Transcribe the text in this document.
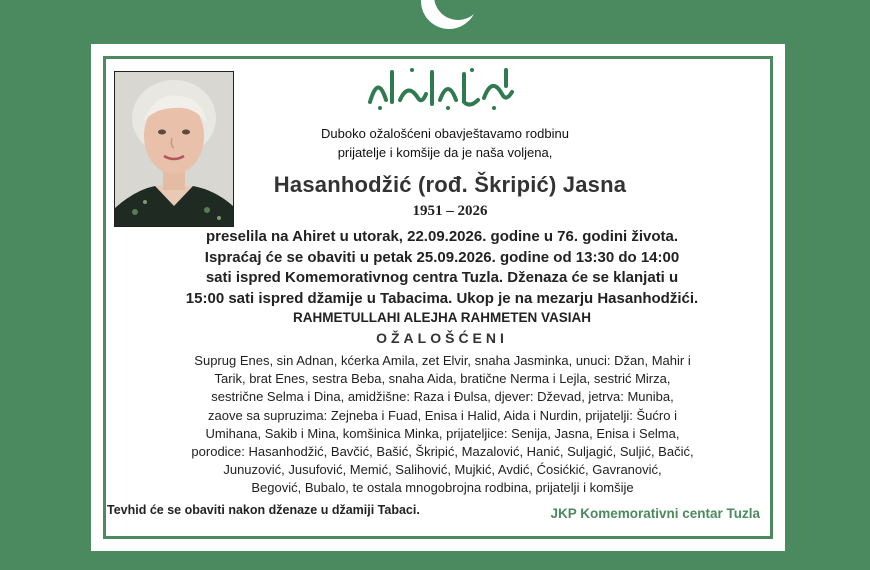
Duboko ožalošćeni obavještavamo rodbinu
prijatelje i komšije da je naša voljena,
Hasanhodžić (rođ. Škripić) Jasna
1951 – 2026
preselila na Ahiret u utorak, 22.09.2026. godine u 76. godini života.
Ispraćaj će se obaviti u petak 25.09.2026. godine od 13:30 do 14:00
sati ispred Komemorativnog centra Tuzla. Dženaza će se klanjati u
15:00 sati ispred džamije u Tabacima. Ukop je na mezarju Hasanhodžići.
RAHMETULLAHI ALEJHA RAHMETEN VASIAH
OŽALOŠĆENI
Suprug Enes, sin Adnan, kćerka Amila, zet Elvir, snaha Jasminka, unuci: Džan, Mahir i
Tarik, brat Enes, sestra Beba, snaha Aida, bratične Nerma i Lejla, sestrić Mirza,
sestrične Selma i Dina, amidžišne: Raza i Đulsa, djever: Dževad, jetrva: Muniba,
zaove sa supruzima: Zejneba i Fuad, Enisa i Halid, Aida i Nurdin, prijatelji: Šućro i
Umihana, Sakib i Mina, komšinica Minka, prijateljice: Senija, Jasna, Enisa i Selma,
porodice: Hasanhodžić, Bavčić, Bašić, Škripić, Mazalović, Hanić, Suljagić, Suljić, Bačić,
Junuzović, Jusufović, Memić, Salihović, Mujkić, Avdić, Ćosićkić, Gavranović,
Begović, Bubalo, te ostala mnogobrojna rodbina, prijatelji i komšije
Tevhid će se obaviti nakon dženaze u džamiji Tabaci.	JKP Komemorativni centar Tuzla
